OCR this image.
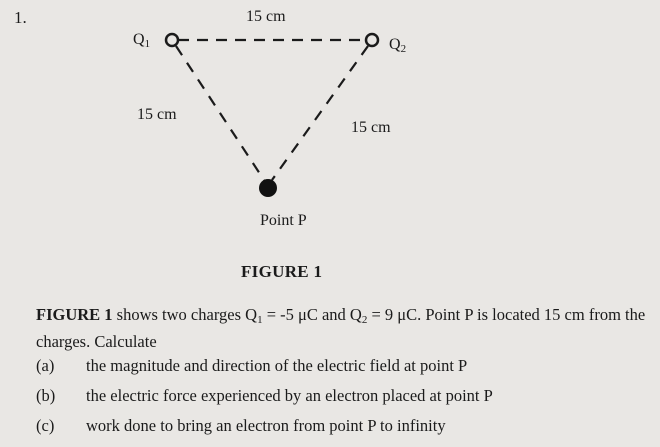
1.	15 cm
$Q_1$	$Q_2$
15 cm
15 cm
Point P
FIGURE 1
FIGURE 1 shows two charges $Q_1 = -5$ μC and $Q_2 = 9$ μC. Point P is located 15 cm from the charges. Calculate
(a) the magnitude and direction of the electric field at point P
(b) the electric force experienced by an electron placed at point P
(c) work done to bring an electron from point P to infinity
